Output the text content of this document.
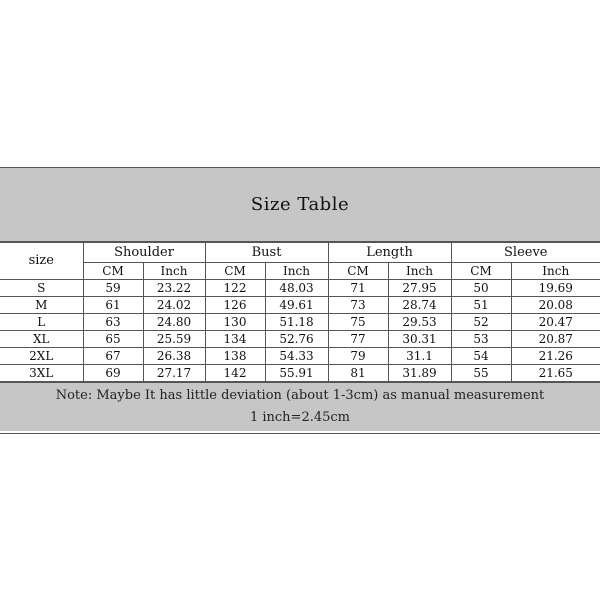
Size Table
size	Shoulder		Bust		Length		Sleeve	
	CM	Inch	CM	Inch	CM	Inch	CM	Inch
S	59	23.22	122	48.03	71	27.95	50	19.69
M	61	24.02	126	49.61	73	28.74	51	20.08
L	63	24.80	130	51.18	75	29.53	52	20.47
XL	65	25.59	134	52.76	77	30.31	53	20.87
2XL	67	26.38	138	54.33	79	31.1	54	21.26
3XL	69	27.17	142	55.91	81	31.89	55	21.65
Note: Maybe It has little deviation (about 1-3cm) as manual measurement
1 inch=2.45cm
